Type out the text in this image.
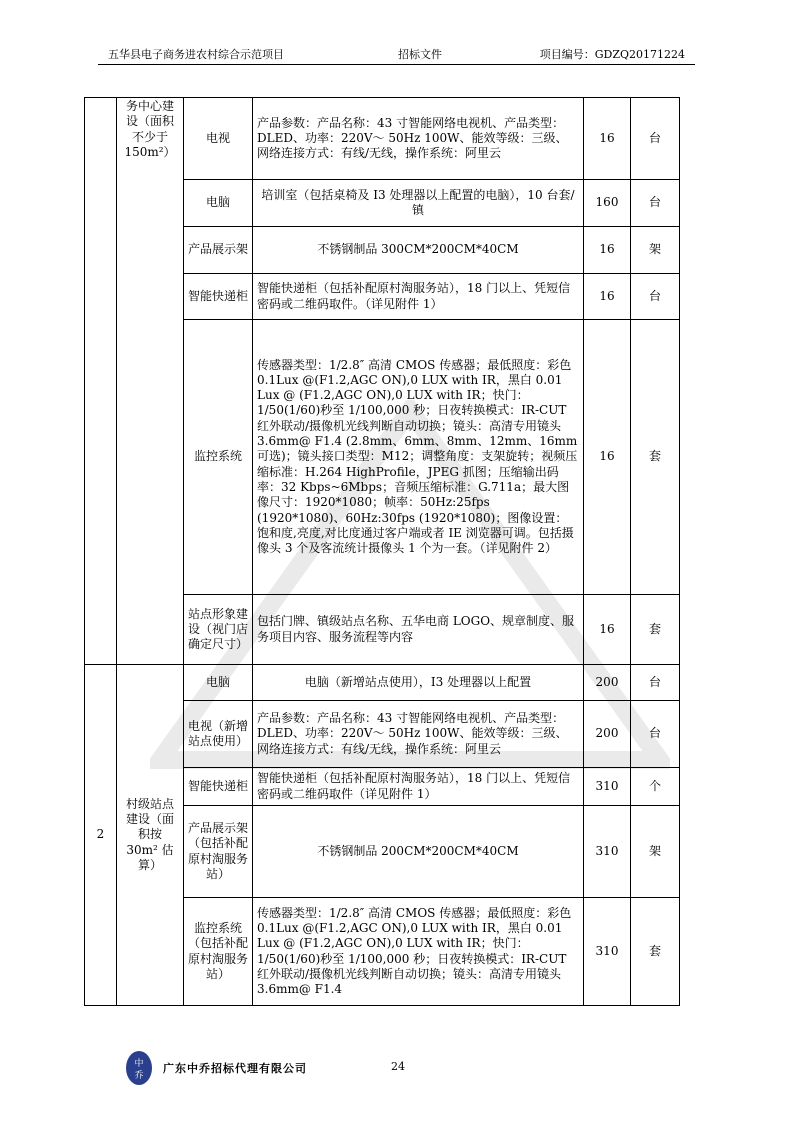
五华县电子商务进农村综合示范项目	招标文件	项目编号：GDZQ20171224
	务中心建设（面积不少于150m²）	电视	产品参数：产品名称：43 寸智能网络电视机、产品类型：DLED、功率：220V～ 50Hz 100W、能效等级：三级、网络连接方式：有线/无线，操作系统：阿里云	16	台
		电脑	培训室（包括桌椅及 I3 处理器以上配置的电脑），10 台套/镇	160	台
		产品展示架	不锈钢制品 300CM*200CM*40CM	16	架
		智能快递柜	智能快递柜（包括补配原村淘服务站），18 门以上、凭短信密码或二维码取件。（详见附件 1）	16	台
		监控系统	传感器类型：1/2.8″ 高清 CMOS 传感器；最低照度：彩色 0.1Lux @(F1.2,AGC ON),0 LUX with IR，黑白 0.01 Lux @ (F1.2,AGC ON),0 LUX with IR；快门：1/50(1/60)秒至 1/100,000 秒；日夜转换模式：IR-CUT 红外联动/摄像机光线判断自动切换；镜头：高清专用镜头 3.6mm@ F1.4 (2.8mm、6mm、8mm、12mm、16mm 可选)；镜头接口类型：M12；调整角度：支架旋转；视频压缩标准：H.264 HighProfile，JPEG 抓图；压缩输出码率：32 Kbps~6Mbps；音频压缩标准：G.711a；最大图像尺寸：1920*1080；帧率：50Hz:25fps (1920*1080)、60Hz:30fps (1920*1080)；图像设置：饱和度,亮度,对比度通过客户端或者 IE 浏览器可调。包括摄像头 3 个及客流统计摄像头 1 个为一套。（详见附件 2）	16	套
		站点形象建设（视门店确定尺寸）	包括门牌、镇级站点名称、五华电商 LOGO、规章制度、服务项目内容、服务流程等内容	16	套
2	村级站点建设（面积按 30m² 估算）	电脑	电脑（新增站点使用），I3 处理器以上配置	200	台
		电视（新增站点使用）	产品参数：产品名称：43 寸智能网络电视机、产品类型：DLED、功率：220V～ 50Hz 100W、能效等级：三级、网络连接方式：有线/无线，操作系统：阿里云	200	台
		智能快递柜	智能快递柜（包括补配原村淘服务站），18 门以上、凭短信密码或二维码取件（详见附件 1）	310	个
		产品展示架（包括补配原村淘服务站）	不锈钢制品 200CM*200CM*40CM	310	架
		监控系统（包括补配原村淘服务站）	传感器类型：1/2.8″ 高清 CMOS 传感器；最低照度：彩色 0.1Lux @(F1.2,AGC ON),0 LUX with IR，黑白 0.01 Lux @ (F1.2,AGC ON),0 LUX with IR；快门：1/50(1/60)秒至 1/100,000 秒；日夜转换模式：IR-CUT 红外联动/摄像机光线判断自动切换；镜头：高清专用镜头 3.6mm@ F1.4	310	套
中
乔
广东中乔招标代理有限公司	24
